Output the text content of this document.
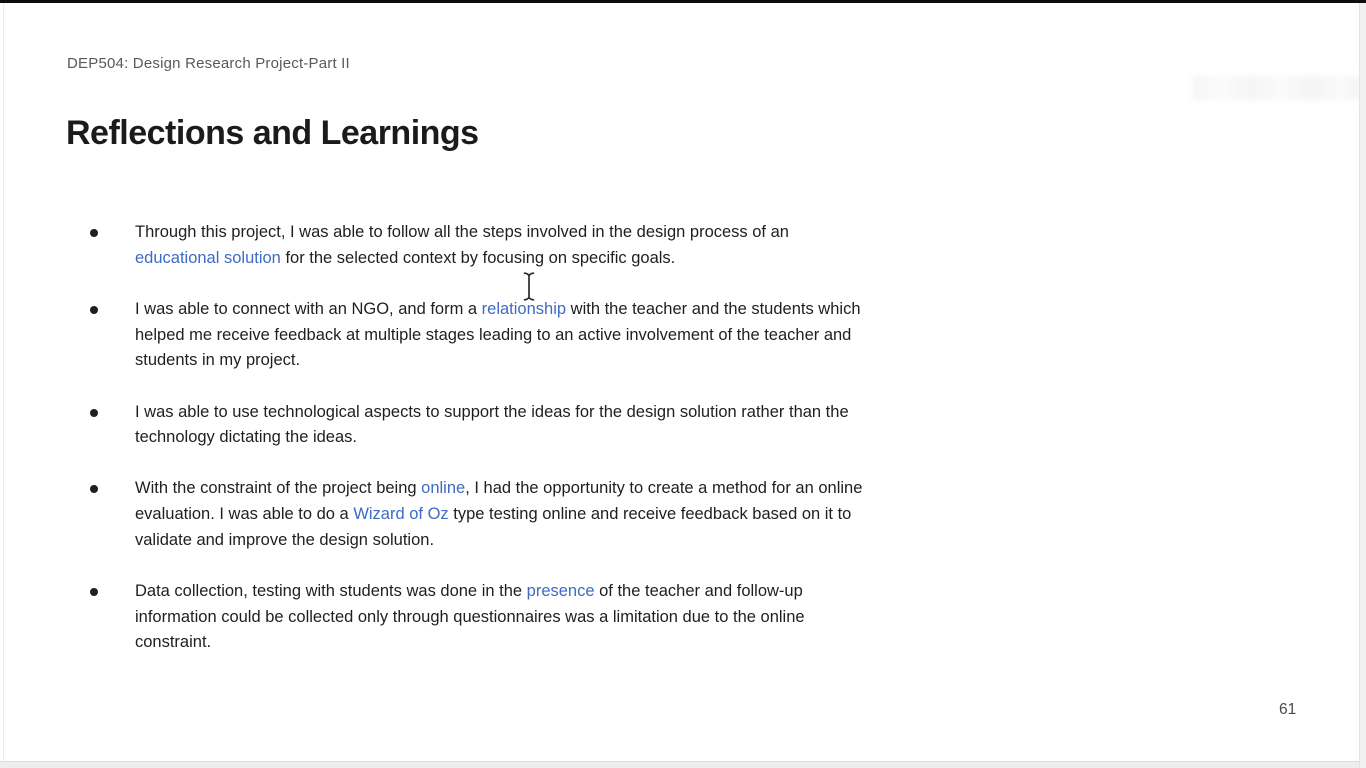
DEP504: Design Research Project-Part II
Reflections and Learnings
Through this project, I was able to follow all the steps involved in the design process of an
educational solution for the selected context by focusing on specific goals.
I was able to connect with an NGO, and form a relationship with the teacher and the students which
helped me receive feedback at multiple stages leading to an active involvement of the teacher and
students in my project.
I was able to use technological aspects to support the ideas for the design solution rather than the
technology dictating the ideas.
With the constraint of the project being online, I had the opportunity to create a method for an online
evaluation. I was able to do a Wizard of Oz type testing online and receive feedback based on it to
validate and improve the design solution.
Data collection, testing with students was done in the presence of the teacher and follow-up
information could be collected only through questionnaires was a limitation due to the online
constraint.
61
